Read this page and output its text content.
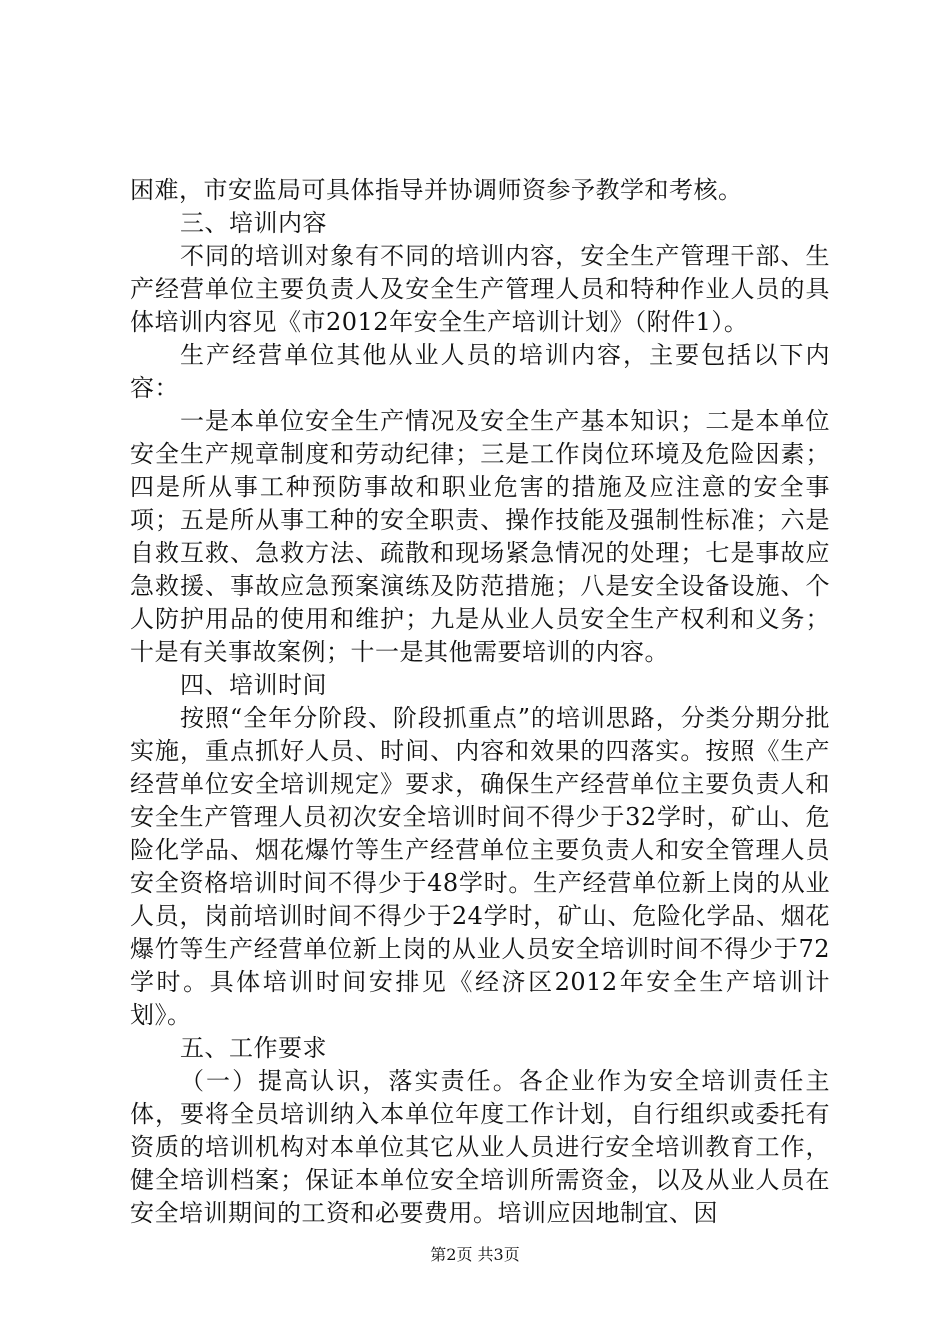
困难，市安监局可具体指导并协调师资参予教学和考核。

三、培训内容

不同的培训对象有不同的培训内容，安全生产管理干部、生产经营单位主要负责人及安全生产管理人员和特种作业人员的具体培训内容见《市2012年安全生产培训计划》（附件1）。

生产经营单位其他从业人员的培训内容，主要包括以下内容：

一是本单位安全生产情况及安全生产基本知识；二是本单位安全生产规章制度和劳动纪律；三是工作岗位环境及危险因素；四是所从事工种预防事故和职业危害的措施及应注意的安全事项；五是所从事工种的安全职责、操作技能及强制性标准；六是自救互救、急救方法、疏散和现场紧急情况的处理；七是事故应急救援、事故应急预案演练及防范措施；八是安全设备设施、个人防护用品的使用和维护；九是从业人员安全生产权利和义务；十是有关事故案例；十一是其他需要培训的内容。

四、培训时间

按照“全年分阶段、阶段抓重点”的培训思路，分类分期分批实施，重点抓好人员、时间、内容和效果的四落实。按照《生产经营单位安全培训规定》要求，确保生产经营单位主要负责人和安全生产管理人员初次安全培训时间不得少于32学时，矿山、危险化学品、烟花爆竹等生产经营单位主要负责人和安全管理人员安全资格培训时间不得少于48学时。生产经营单位新上岗的从业人员，岗前培训时间不得少于24学时，矿山、危险化学品、烟花爆竹等生产经营单位新上岗的从业人员安全培训时间不得少于72学时。具体培训时间安排见《经济区2012年安全生产培训计划》。

五、工作要求

（一）提高认识，落实责任。各企业作为安全培训责任主体，要将全员培训纳入本单位年度工作计划，自行组织或委托有资质的培训机构对本单位其它从业人员进行安全培训教育工作，健全培训档案；保证本单位安全培训所需资金，以及从业人员在安全培训期间的工资和必要费用。培训应因地制宜、因

第2页 共3页
